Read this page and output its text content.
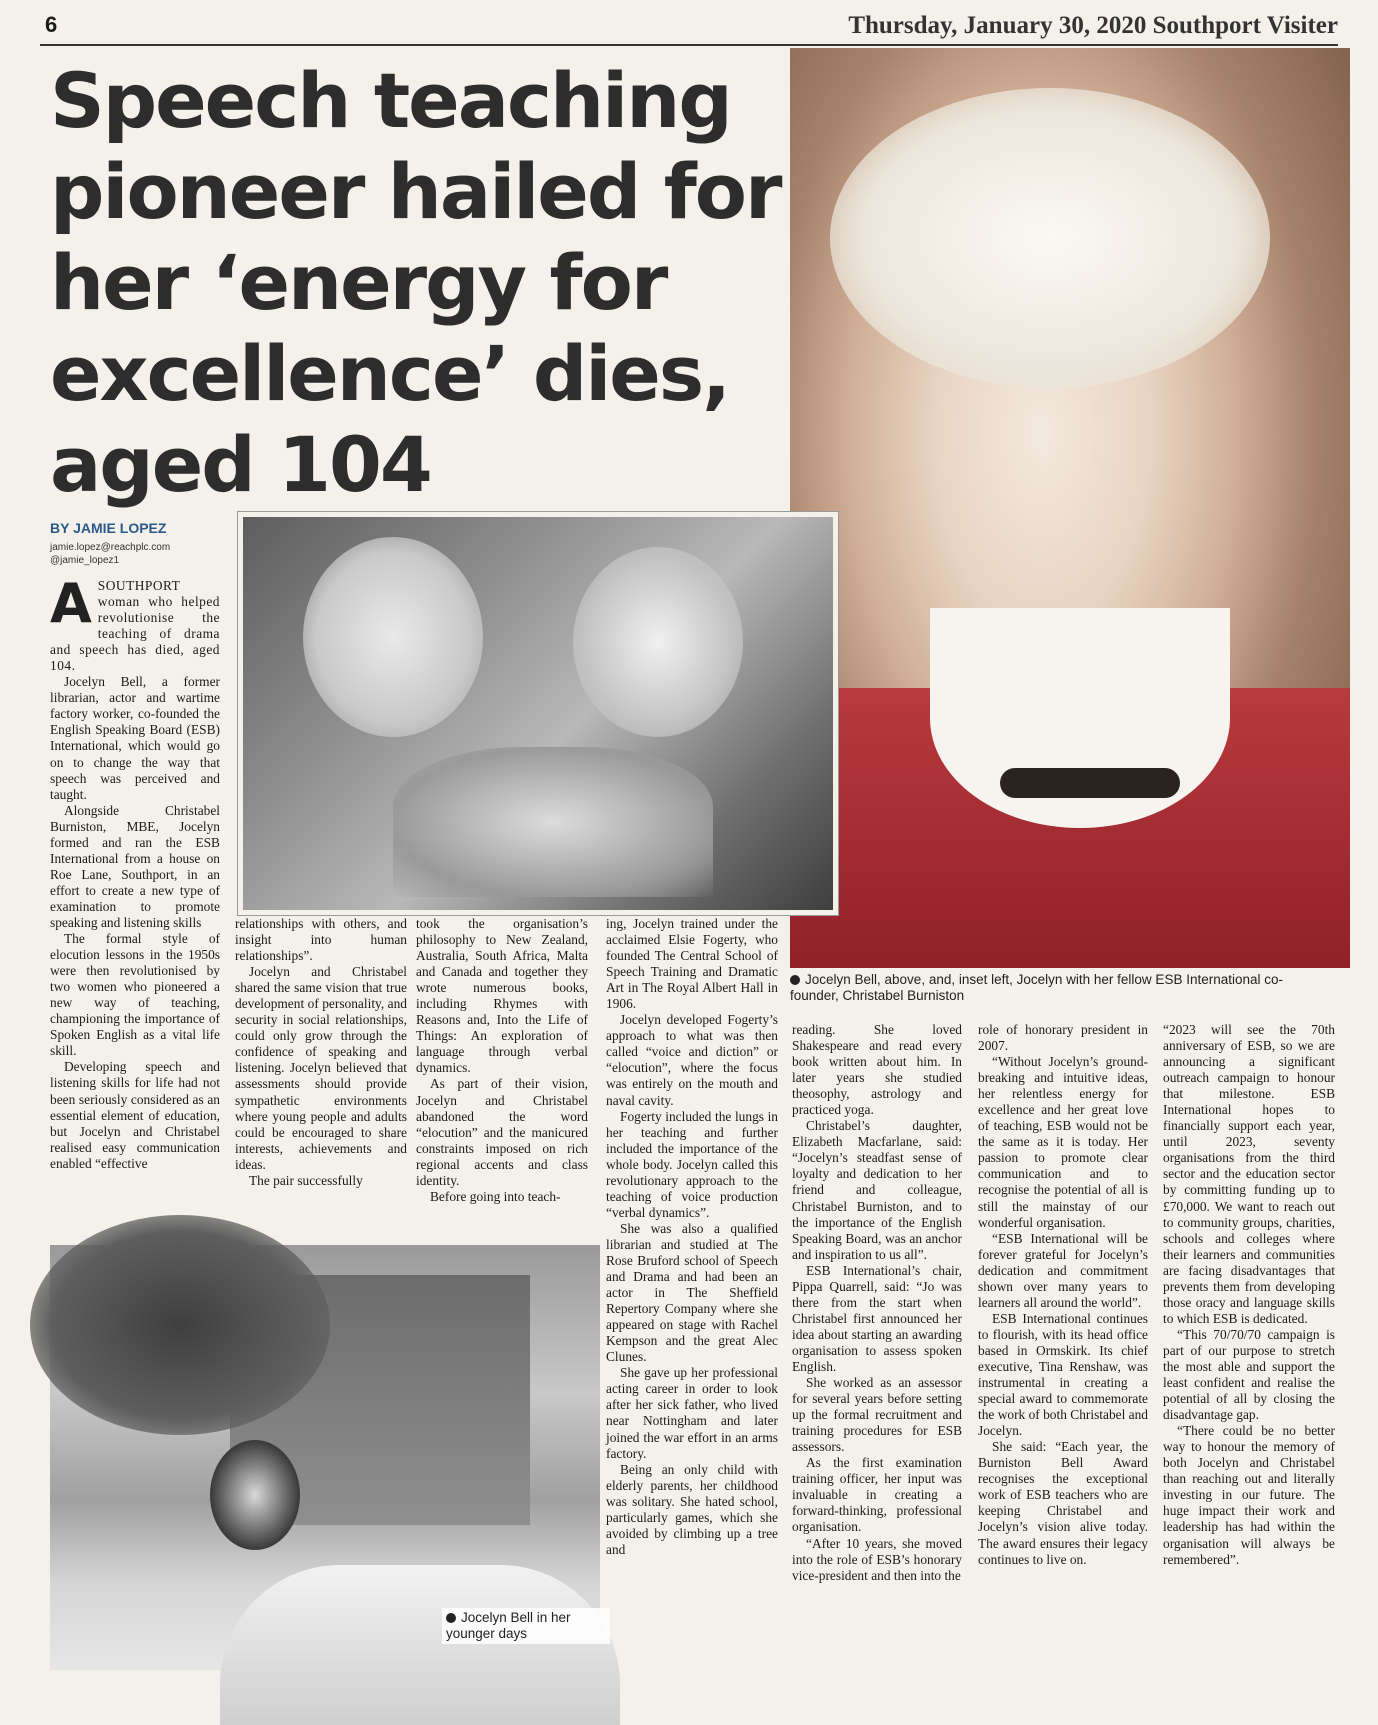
6	Thursday, January 30, 2020 Southport Visiter
Speech teaching pioneer hailed for her ‘energy for excellence’ dies, aged 104
BY JAMIE LOPEZ
jamie.lopez@reachplc.com
@jamie_lopez1
A SOUTHPORT woman who helped revolutionise the teaching of drama and speech has died, aged 104.

Jocelyn Bell, a former librarian, actor and wartime factory worker, co-founded the English Speaking Board (ESB) International, which would go on to change the way that speech was perceived and taught.

Alongside Christabel Burniston, MBE, Jocelyn formed and ran the ESB International from a house on Roe Lane, Southport, in an effort to create a new type of examination to promote speaking and listening skills

The formal style of elocution lessons in the 1950s were then revolutionised by two women who pioneered a new way of teaching, championing the importance of Spoken English as a vital life skill.

Developing speech and listening skills for life had not been seriously considered as an essential element of education, but Jocelyn and Christabel realised easy communication enabled “effective

relationships with others, and insight into human relationships”.

Jocelyn and Christabel shared the same vision that true development of personality, and security in social relationships, could only grow through the confidence of speaking and listening. Jocelyn believed that assessments should provide sympathetic environments where young people and adults could be encouraged to share interests, achievements and ideas.

The pair successfully

took the organisation’s philosophy to New Zealand, Australia, South Africa, Malta and Canada and together they wrote numerous books, including Rhymes with Reasons and, Into the Life of Things: An exploration of language through verbal dynamics.

As part of their vision, Jocelyn and Christabel abandoned the word “elocution” and the manicured constraints imposed on rich regional accents and class identity.

Before going into teach-

ing, Jocelyn trained under the acclaimed Elsie Fogerty, who founded The Central School of Speech Training and Dramatic Art in The Royal Albert Hall in 1906.

Jocelyn developed Fogerty’s approach to what was then called “voice and diction” or “elocution”, where the focus was entirely on the mouth and naval cavity.

Fogerty included the lungs in her teaching and further included the importance of the whole body. Jocelyn called this revolutionary approach to the teaching of voice production “verbal dynamics”.

She was also a qualified librarian and studied at The Rose Bruford school of Speech and Drama and had been an actor in The Sheffield Repertory Company where she appeared on stage with Rachel Kempson and the great Alec Clunes.

She gave up her professional acting career in order to look after her sick father, who lived near Nottingham and later joined the war effort in an arms factory.

Being an only child with elderly parents, her childhood was solitary. She hated school, particularly games, which she avoided by climbing up a tree and

reading. She loved Shakespeare and read every book written about him. In later years she studied theosophy, astrology and practiced yoga.

Christabel’s daughter, Elizabeth Macfarlane, said: “Jocelyn’s steadfast sense of loyalty and dedication to her friend and colleague, Christabel Burniston, and to the importance of the English Speaking Board, was an anchor and inspiration to us all”.

ESB International’s chair, Pippa Quarrell, said: “Jo was there from the start when Christabel first announced her idea about starting an awarding organisation to assess spoken English.

She worked as an assessor for several years before setting up the formal recruitment and training procedures for ESB assessors.

As the first examination training officer, her input was invaluable in creating a forward-thinking, professional organisation.

“After 10 years, she moved into the role of ESB’s honorary vice-president and then into the

role of honorary president in 2007.

“Without Jocelyn’s ground-breaking and intuitive ideas, her relentless energy for excellence and her great love of teaching, ESB would not be the same as it is today. Her passion to promote clear communication and to recognise the potential of all is still the mainstay of our wonderful organisation.

“ESB International will be forever grateful for Jocelyn’s dedication and commitment shown over many years to learners all around the world”.

ESB International continues to flourish, with its head office based in Ormskirk. Its chief executive, Tina Renshaw, was instrumental in creating a special award to commemorate the work of both Christabel and Jocelyn.

She said: “Each year, the Burniston Bell Award recognises the exceptional work of ESB teachers who are keeping Christabel and Jocelyn’s vision alive today. The award ensures their legacy continues to live on.

“2023 will see the 70th anniversary of ESB, so we are announcing a significant outreach campaign to honour that milestone. ESB International hopes to financially support each year, until 2023, seventy organisations from the third sector and the education sector by committing funding up to £70,000. We want to reach out to community groups, charities, schools and colleges where their learners and communities are facing disadvantages that prevents them from developing those oracy and language skills to which ESB is dedicated.

“This 70/70/70 campaign is part of our purpose to stretch the most able and support the least confident and realise the potential of all by closing the disadvantage gap.

“There could be no better way to honour the memory of both Jocelyn and Christabel than reaching out and literally investing in our future. The huge impact their work and leadership has had within the organisation will always be remembered”.

Jocelyn Bell, above, and, inset left, Jocelyn with her fellow ESB International co-founder, Christabel Burniston
Jocelyn Bell in her younger days
